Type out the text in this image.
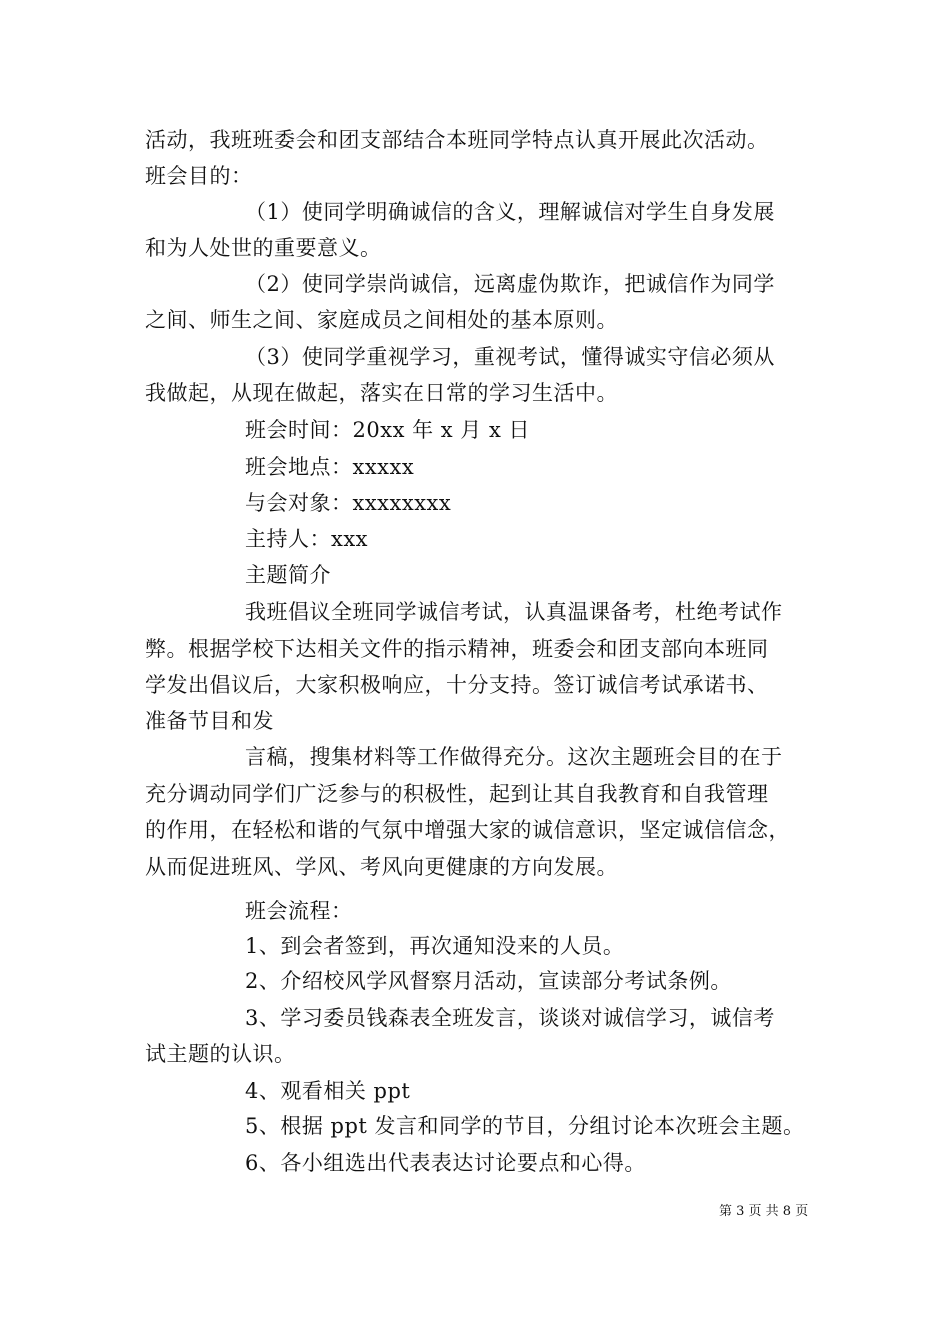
活动，我班班委会和团支部结合本班同学特点认真开展此次活动。
班会目的：
（1）使同学明确诚信的含义，理解诚信对学生自身发展
和为人处世的重要意义。
（2）使同学崇尚诚信，远离虚伪欺诈，把诚信作为同学
之间、师生之间、家庭成员之间相处的基本原则。
（3）使同学重视学习，重视考试，懂得诚实守信必须从
我做起，从现在做起，落实在日常的学习生活中。
班会时间：20xx 年 x 月 x 日
班会地点：xxxxx
与会对象：xxxxxxxx
主持人：xxx
主题简介
我班倡议全班同学诚信考试，认真温课备考，杜绝考试作
弊。根据学校下达相关文件的指示精神，班委会和团支部向本班同
学发出倡议后，大家积极响应，十分支持。签订诚信考试承诺书、
准备节目和发
言稿，搜集材料等工作做得充分。这次主题班会目的在于
充分调动同学们广泛参与的积极性，起到让其自我教育和自我管理
的作用，在轻松和谐的气氛中增强大家的诚信意识，坚定诚信信念，
从而促进班风、学风、考风向更健康的方向发展。
班会流程：
1、到会者签到，再次通知没来的人员。
2、介绍校风学风督察月活动，宣读部分考试条例。
3、学习委员钱森表全班发言，谈谈对诚信学习，诚信考
试主题的认识。
4、观看相关 ppt
5、根据 ppt 发言和同学的节目，分组讨论本次班会主题。
6、各小组选出代表表达讨论要点和心得。
第 3 页 共 8 页
